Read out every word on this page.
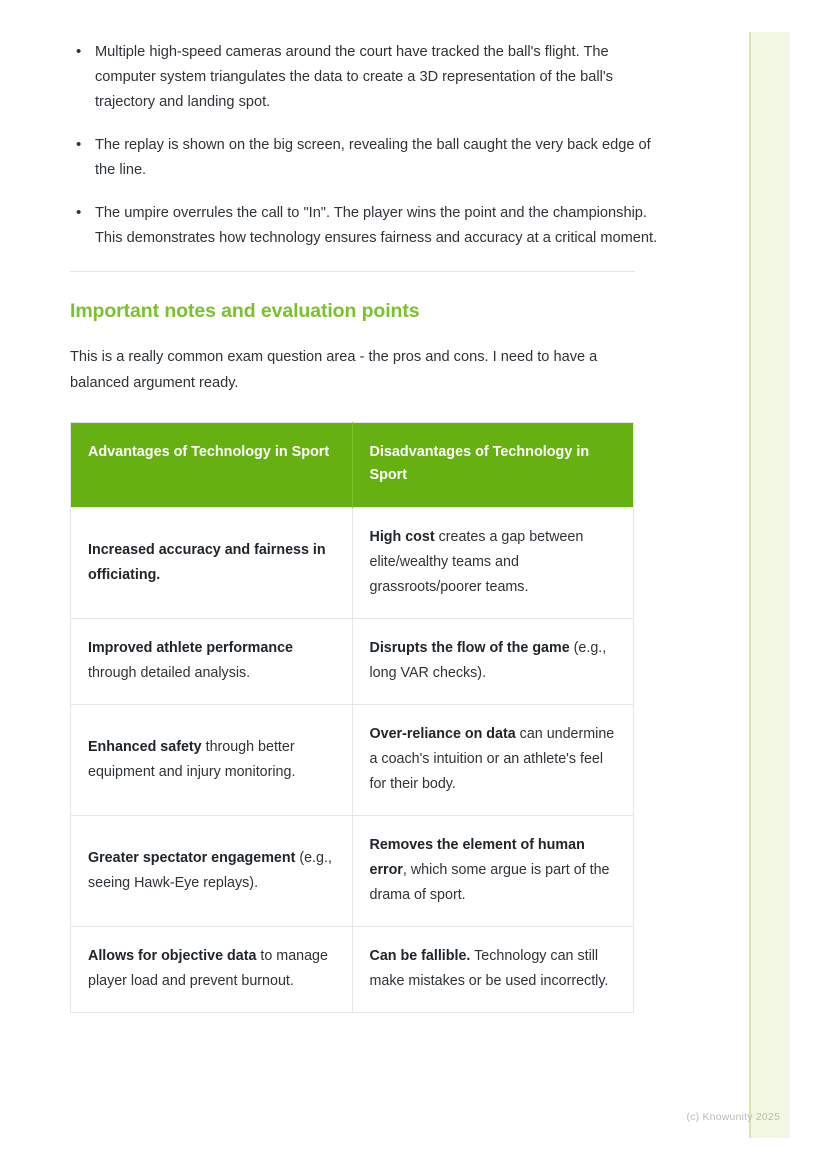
• Multiple high-speed cameras around the court have tracked the ball's flight. The computer system triangulates the data to create a 3D representation of the ball's trajectory and landing spot.
• The replay is shown on the big screen, revealing the ball caught the very back edge of the line.
• The umpire overrules the call to "In". The player wins the point and the championship. This demonstrates how technology ensures fairness and accuracy at a critical moment.
Important notes and evaluation points

This is a really common exam question area - the pros and cons. I need to have a balanced argument ready.

Advantages of Technology in Sport	Disadvantages of Technology in Sport
Increased accuracy and fairness in officiating.	High cost creates a gap between elite/wealthy teams and grassroots/poorer teams.
Improved athlete performance through detailed analysis.	Disrupts the flow of the game (e.g., long VAR checks).
Enhanced safety through better equipment and injury monitoring.	Over-reliance on data can undermine a coach's intuition or an athlete's feel for their body.
Greater spectator engagement (e.g., seeing Hawk-Eye replays).	Removes the element of human error, which some argue is part of the drama of sport.
Allows for objective data to manage player load and prevent burnout.	Can be fallible. Technology can still make mistakes or be used incorrectly.
(c) Knowunity 2025
